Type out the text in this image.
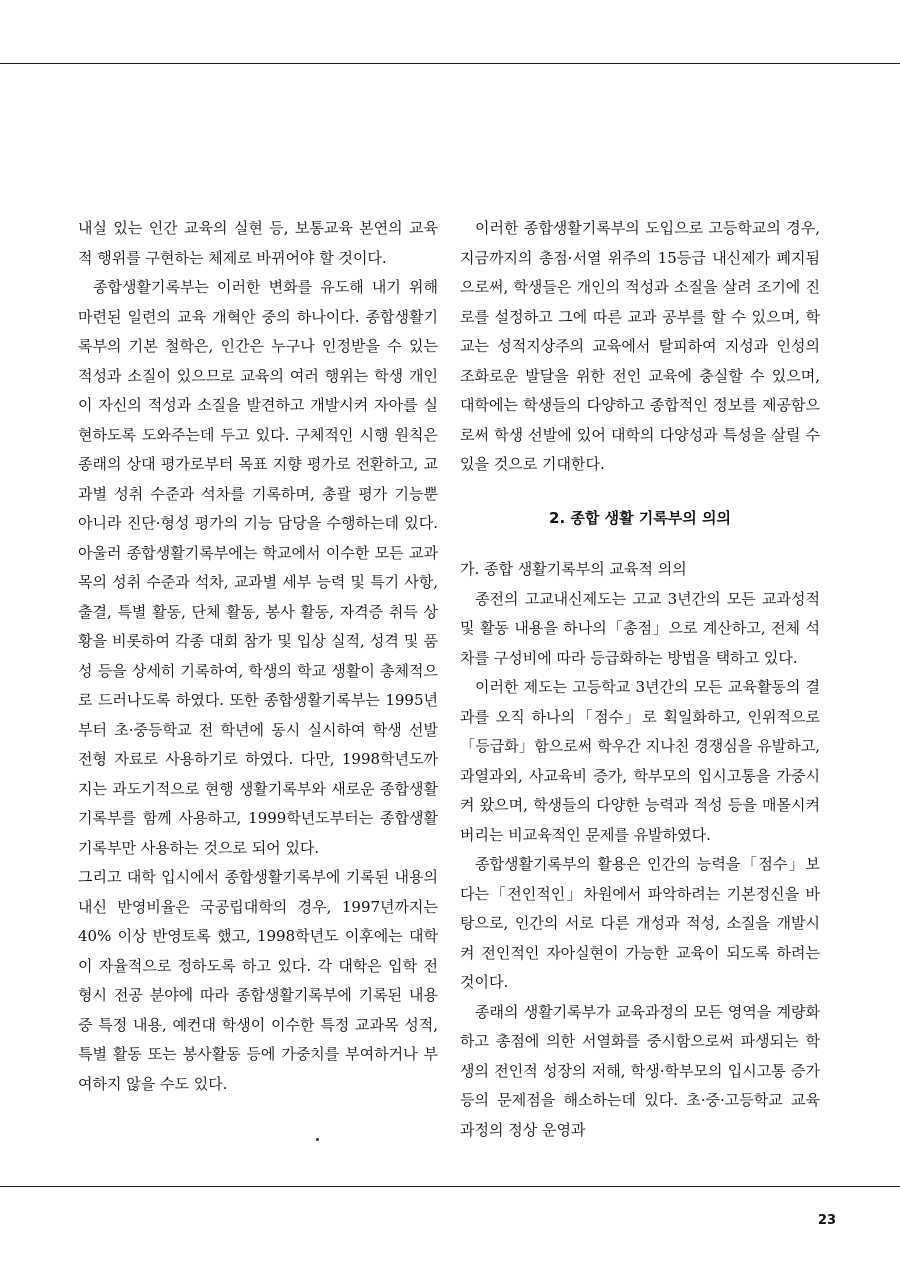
내실 있는 인간 교육의 실현 등, 보통교육 본연의 교육적 행위를 구현하는 체제로 바뀌어야 할 것이다.

종합생활기록부는 이러한 변화를 유도해 내기 위해 마련된 일련의 교육 개혁안 중의 하나이다. 종합생활기록부의 기본 철학은, 인간은 누구나 인정받을 수 있는 적성과 소질이 있으므로 교육의 여러 행위는 학생 개인이 자신의 적성과 소질을 발견하고 개발시켜 자아를 실현하도록 도와주는데 두고 있다. 구체적인 시행 원칙은 종래의 상대 평가로부터 목표 지향 평가로 전환하고, 교과별 성취 수준과 석차를 기록하며, 총괄 평가 기능뿐 아니라 진단·형성 평가의 기능 담당을 수행하는데 있다. 아울러 종합생활기록부에는 학교에서 이수한 모든 교과목의 성취 수준과 석차, 교과별 세부 능력 및 특기 사항, 출결, 특별 활동, 단체 활동, 봉사 활동, 자격증 취득 상황을 비롯하여 각종 대회 참가 및 입상 실적, 성격 및 품성 등을 상세히 기록하여, 학생의 학교 생활이 총체적으로 드러나도록 하였다. 또한 종합생활기록부는 1995년부터 초·중등학교 전 학년에 동시 실시하여 학생 선발 전형 자료로 사용하기로 하였다. 다만, 1998학년도까지는 과도기적으로 현행 생활기록부와 새로운 종합생활기록부를 함께 사용하고, 1999학년도부터는 종합생활기록부만 사용하는 것으로 되어 있다.

그리고 대학 입시에서 종합생활기록부에 기록된 내용의 내신 반영비율은 국공립대학의 경우, 1997년까지는 40% 이상 반영토록 했고, 1998학년도 이후에는 대학이 자율적으로 정하도록 하고 있다. 각 대학은 입학 전형시 전공 분야에 따라 종합생활기록부에 기록된 내용 중 특정 내용, 예컨대 학생이 이수한 특정 교과목 성적, 특별 활동 또는 봉사활동 등에 가중치를 부여하거나 부여하지 않을 수도 있다.

이러한 종합생활기록부의 도입으로 고등학교의 경우, 지금까지의 총점·서열 위주의 15등급 내신제가 폐지됨으로써, 학생들은 개인의 적성과 소질을 살려 조기에 진로를 설정하고 그에 따른 교과 공부를 할 수 있으며, 학교는 성적지상주의 교육에서 탈피하여 지성과 인성의 조화로운 발달을 위한 전인 교육에 충실할 수 있으며, 대학에는 학생들의 다양하고 종합적인 정보를 제공함으로써 학생 선발에 있어 대학의 다양성과 특성을 살릴 수 있을 것으로 기대한다.

2. 종합 생활 기록부의 의의

가. 종합 생활기록부의 교육적 의의

종전의 고교내신제도는 고교 3년간의 모든 교과성적 및 활동 내용을 하나의「총점」으로 계산하고, 전체 석차를 구성비에 따라 등급화하는 방법을 택하고 있다.

이러한 제도는 고등학교 3년간의 모든 교육활동의 결과를 오직 하나의「점수」로 획일화하고, 인위적으로「등급화」함으로써 학우간 지나친 경쟁심을 유발하고, 과열과외, 사교육비 증가, 학부모의 입시고통을 가중시켜 왔으며, 학생들의 다양한 능력과 적성 등을 매몰시켜 버리는 비교육적인 문제를 유발하였다.

종합생활기록부의 활용은 인간의 능력을「점수」보다는「전인적인」차원에서 파악하려는 기본정신을 바탕으로, 인간의 서로 다른 개성과 적성, 소질을 개발시켜 전인적인 자아실현이 가능한 교육이 되도록 하려는 것이다.

종래의 생활기록부가 교육과정의 모든 영역을 계량화하고 총점에 의한 서열화를 중시함으로써 파생되는 학생의 전인적 성장의 저해, 학생·학부모의 입시고통 증가 등의 문제점을 해소하는데 있다. 초·중·고등학교 교육 과정의 정상 운영과

23
